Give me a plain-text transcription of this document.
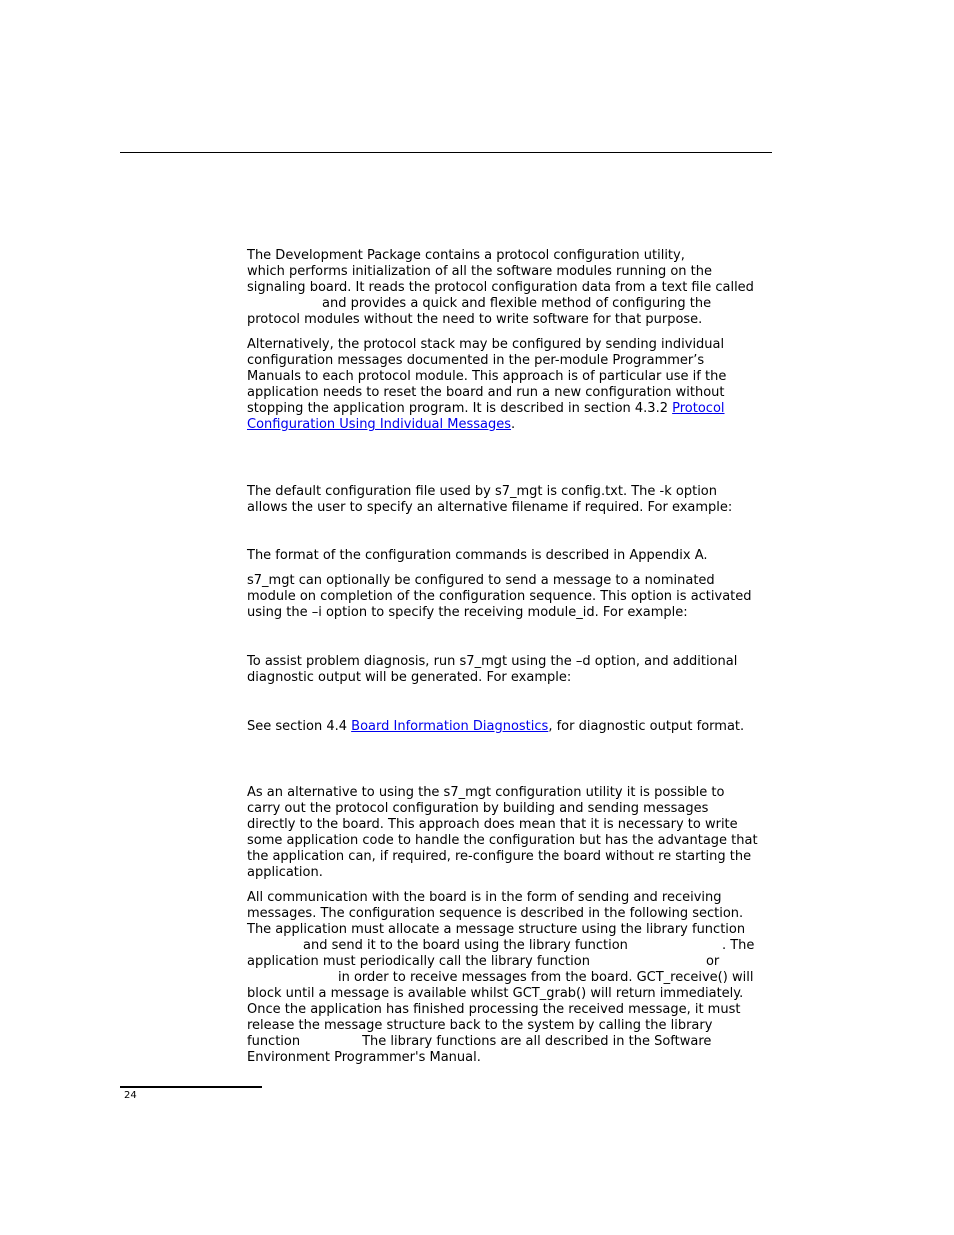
The Development Package contains a protocol configuration utility,
which performs initialization of all the software modules running on the
signaling board. It reads the protocol configuration data from a text file called
and provides a quick and flexible method of configuring the
protocol modules without the need to write software for that purpose.

Alternatively, the protocol stack may be configured by sending individual
configuration messages documented in the per-module Programmer’s
Manuals to each protocol module. This approach is of particular use if the
application needs to reset the board and run a new configuration without
stopping the application program. It is described in section 4.3.2 Protocol
Configuration Using Individual Messages.

The default configuration file used by s7_mgt is config.txt. The -k option
allows the user to specify an alternative filename if required. For example:

The format of the configuration commands is described in Appendix A.

s7_mgt can optionally be configured to send a message to a nominated
module on completion of the configuration sequence. This option is activated
using the –i option to specify the receiving module_id. For example:

To assist problem diagnosis, run s7_mgt using the –d option, and additional
diagnostic output will be generated. For example:

See section 4.4 Board Information Diagnostics, for diagnostic output format.

As an alternative to using the s7_mgt configuration utility it is possible to
carry out the protocol configuration by building and sending messages
directly to the board. This approach does mean that it is necessary to write
some application code to handle the configuration but has the advantage that
the application can, if required, re-configure the board without re starting the
application.

All communication with the board is in the form of sending and receiving
messages. The configuration sequence is described in the following section.
The application must allocate a message structure using the library function
and send it to the board using the library function	. The
application must periodically call the library function	or
in order to receive messages from the board. GCT_receive() will
block until a message is available whilst GCT_grab() will return immediately.
Once the application has finished processing the received message, it must
release the message structure back to the system by calling the library
function	The library functions are all described in the Software
Environment Programmer's Manual.

24
